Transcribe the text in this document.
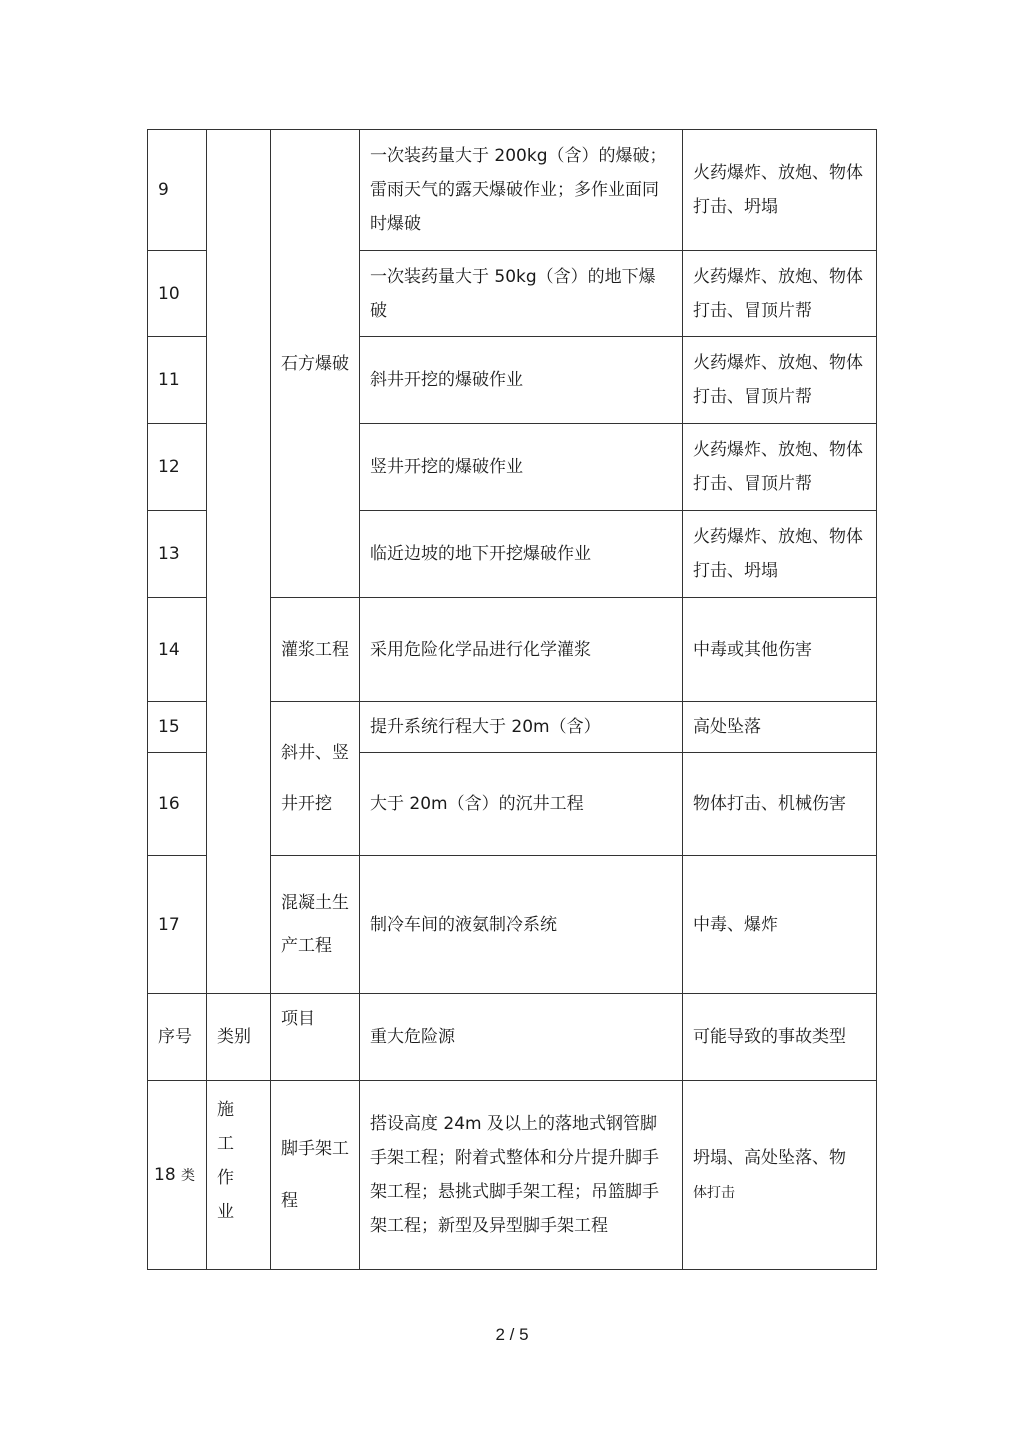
9		石方爆破	一次装药量大于 200kg（含）的爆破；雷雨天气的露天爆破作业；多作业面同时爆破	火药爆炸、放炮、物体打击、坍塌
10			一次装药量大于 50kg（含）的地下爆破	火药爆炸、放炮、物体打击、冒顶片帮
11			斜井开挖的爆破作业	火药爆炸、放炮、物体打击、冒顶片帮
12			竖井开挖的爆破作业	火药爆炸、放炮、物体打击、冒顶片帮
13			临近边坡的地下开挖爆破作业	火药爆炸、放炮、物体打击、坍塌
14		灌浆工程	采用危险化学品进行化学灌浆	中毒或其他伤害
15		斜井、竖井开挖	提升系统行程大于 20m（含）	高处坠落
16			大于 20m（含）的沉井工程	物体打击、机械伤害
17		混凝土生产工程	制冷车间的液氨制冷系统	中毒、爆炸
序号	类别	项目	重大危险源	可能导致的事故类型
18 类	施工作业	脚手架工程	搭设高度 24m 及以上的落地式钢管脚手架工程；附着式整体和分片提升脚手架工程；悬挑式脚手架工程；吊篮脚手架工程；新型及异型脚手架工程	坍塌、高处坠落、物
体打击
2 / 5
